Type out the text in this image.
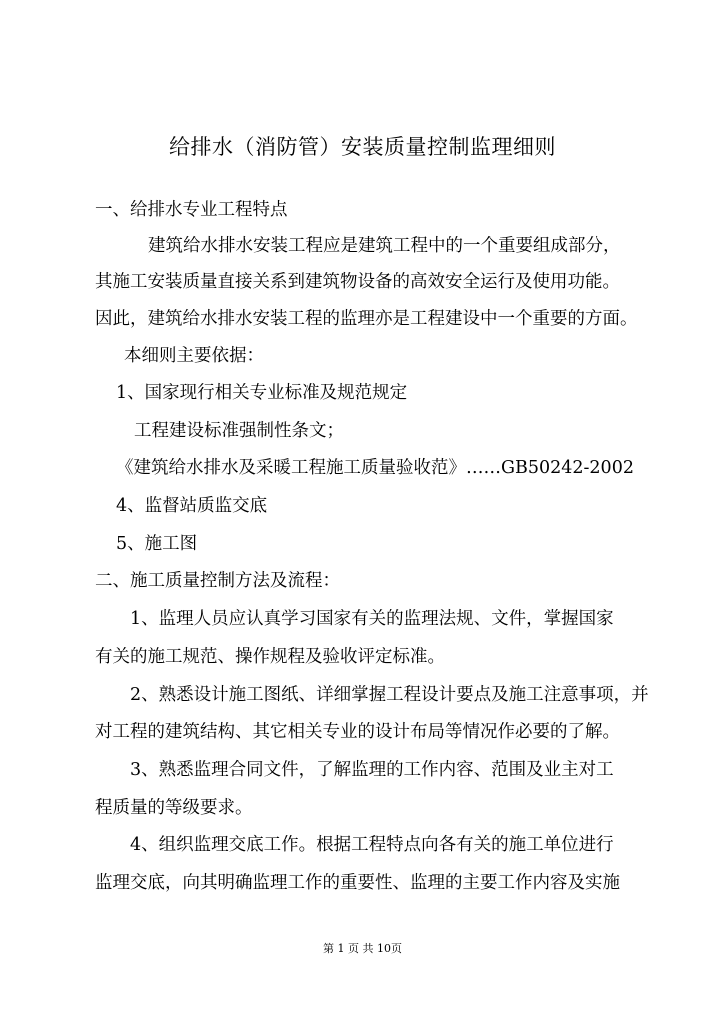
给排水（消防管）安装质量控制监理细则
一、给排水专业工程特点
建筑给水排水安装工程应是建筑工程中的一个重要组成部分，
其施工安装质量直接关系到建筑物设备的高效安全运行及使用功能。
因此，建筑给水排水安装工程的监理亦是工程建设中一个重要的方面。
本细则主要依据：
1、国家现行相关专业标准及规范规定
工程建设标准强制性条文；
《建筑给水排水及采暖工程施工质量验收范》……GB50242-2002
4、监督站质监交底
5、施工图
二、施工质量控制方法及流程：
1、监理人员应认真学习国家有关的监理法规、文件，掌握国家
有关的施工规范、操作规程及验收评定标准。
2、熟悉设计施工图纸、详细掌握工程设计要点及施工注意事项，并
对工程的建筑结构、其它相关专业的设计布局等情况作必要的了解。
3、熟悉监理合同文件，了解监理的工作内容、范围及业主对工
程质量的等级要求。
4、组织监理交底工作。根据工程特点向各有关的施工单位进行
监理交底，向其明确监理工作的重要性、监理的主要工作内容及实施
第 1 页 共 10页
